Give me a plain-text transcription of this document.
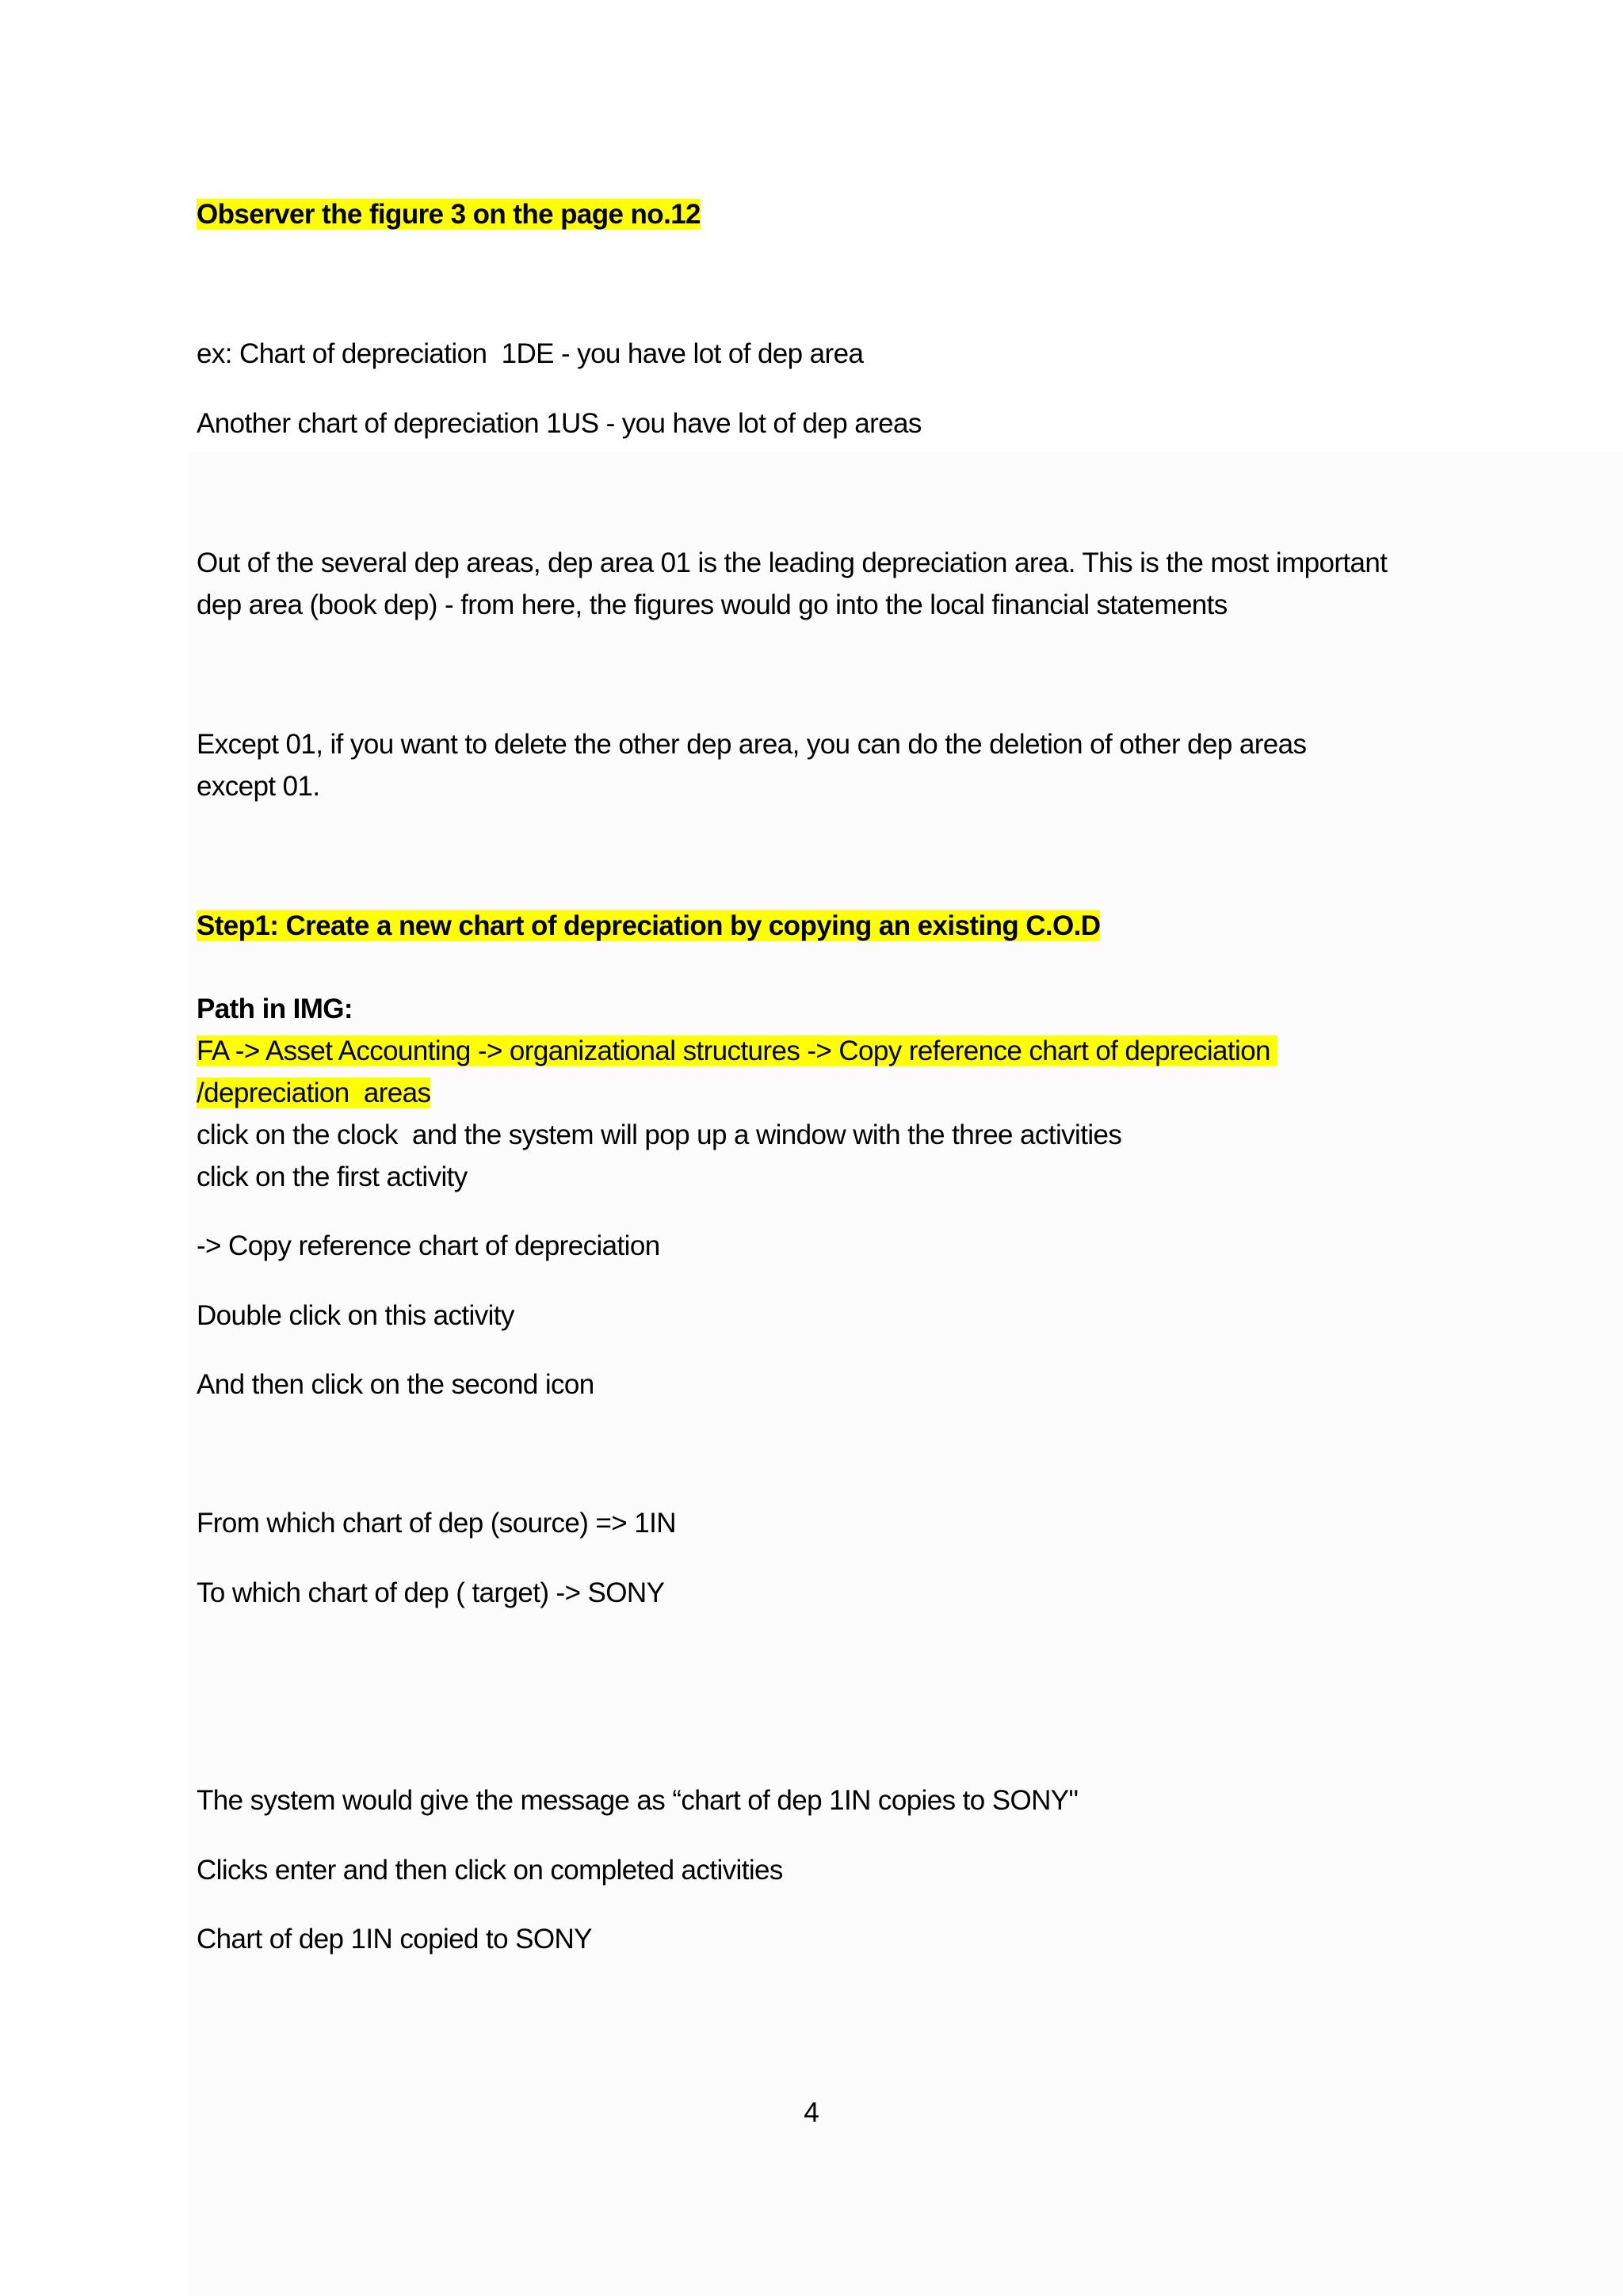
Observer the figure 3 on the page no.12
ex: Chart of depreciation  1DE - you have lot of dep area
Another chart of depreciation 1US - you have lot of dep areas
Out of the several dep areas, dep area 01 is the leading depreciation area. This is the most important
dep area (book dep) - from here, the figures would go into the local financial statements
Except 01, if you want to delete the other dep area, you can do the deletion of other dep areas
except 01.
Step1: Create a new chart of depreciation by copying an existing C.O.D
Path in IMG:
FA -> Asset Accounting -> organizational structures -> Copy reference chart of depreciation
/depreciation  areas
click on the clock  and the system will pop up a window with the three activities
click on the first activity
-> Copy reference chart of depreciation
Double click on this activity
And then click on the second icon
From which chart of dep (source) => 1IN
To which chart of dep ( target) -> SONY
The system would give the message as “chart of dep 1IN copies to SONY"
Clicks enter and then click on completed activities
Chart of dep 1IN copied to SONY
4
